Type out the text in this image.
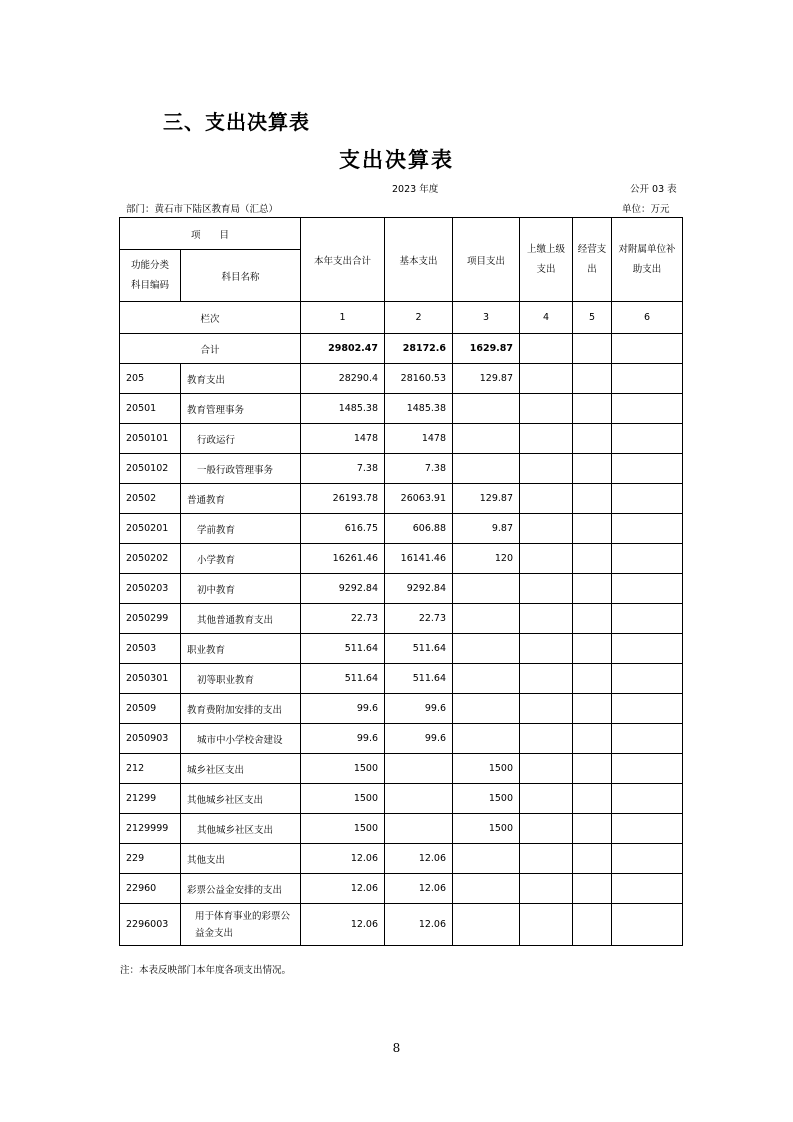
三、支出决算表
支出决算表
2023 年度	公开 03 表
部门：黄石市下陆区教育局（汇总）	单位：万元
项　　目		本年支出合计	基本支出	项目支出	上缴上级支出	经营支出	对附属单位补助支出
功能分类科目编码	科目名称						
栏次		1	2	3	4	5	6
合计		29802.47	28172.6	1629.87			
205	教育支出	28290.4	28160.53	129.87			
20501	教育管理事务	1485.38	1485.38				
2050101	行政运行	1478	1478				
2050102	一般行政管理事务	7.38	7.38				
20502	普通教育	26193.78	26063.91	129.87			
2050201	学前教育	616.75	606.88	9.87			
2050202	小学教育	16261.46	16141.46	120			
2050203	初中教育	9292.84	9292.84				
2050299	其他普通教育支出	22.73	22.73				
20503	职业教育	511.64	511.64				
2050301	初等职业教育	511.64	511.64				
20509	教育费附加安排的支出	99.6	99.6				
2050903	城市中小学校舍建设	99.6	99.6				
212	城乡社区支出	1500		1500			
21299	其他城乡社区支出	1500		1500			
2129999	其他城乡社区支出	1500		1500			
229	其他支出	12.06	12.06				
22960	彩票公益金安排的支出	12.06	12.06				
2296003	用于体育事业的彩票公益金支出	12.06	12.06				
注：本表反映部门本年度各项支出情况。
8
